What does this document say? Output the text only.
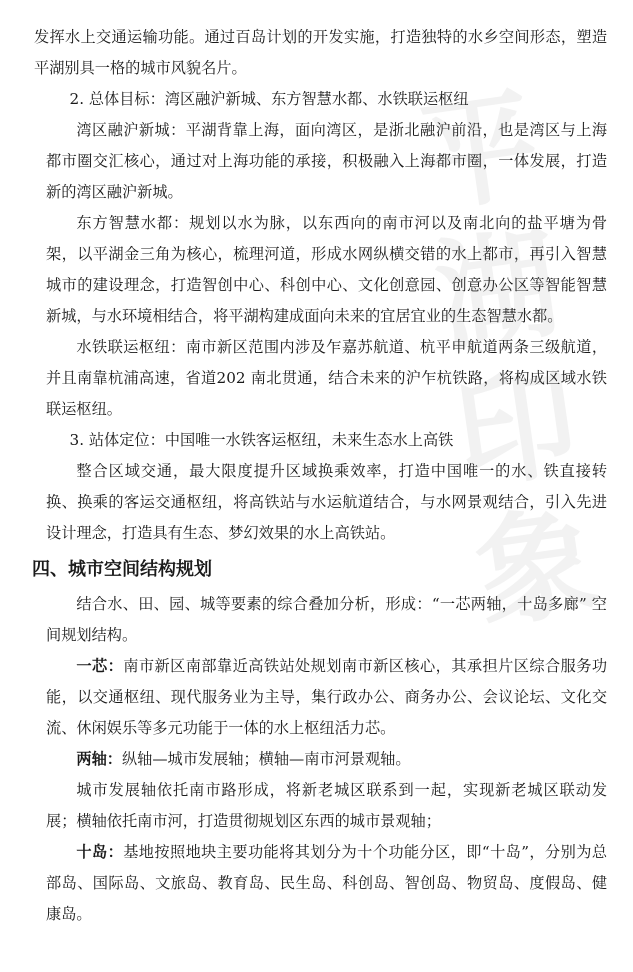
发挥水上交通运输功能。通过百岛计划的开发实施，打造独特的水乡空间形态，塑造平湖别具一格的城市风貌名片。

2. 总体目标：湾区融沪新城、东方智慧水都、水铁联运枢纽

湾区融沪新城：平湖背靠上海，面向湾区，是浙北融沪前沿，也是湾区与上海都市圈交汇核心，通过对上海功能的承接，积极融入上海都市圈，一体发展，打造新的湾区融沪新城。

东方智慧水都：规划以水为脉，以东西向的南市河以及南北向的盐平塘为骨架，以平湖金三角为核心，梳理河道，形成水网纵横交错的水上都市，再引入智慧城市的建设理念，打造智创中心、科创中心、文化创意园、创意办公区等智能智慧新城，与水环境相结合，将平湖构建成面向未来的宜居宜业的生态智慧水都。

水铁联运枢纽：南市新区范围内涉及乍嘉苏航道、杭平申航道两条三级航道，并且南靠杭浦高速，省道202 南北贯通，结合未来的沪乍杭铁路，将构成区域水铁联运枢纽。

3. 站体定位：中国唯一水铁客运枢纽，未来生态水上高铁

整合区域交通，最大限度提升区域换乘效率，打造中国唯一的水、铁直接转换、换乘的客运交通枢纽，将高铁站与水运航道结合，与水网景观结合，引入先进设计理念，打造具有生态、梦幻效果的水上高铁站。

四、城市空间结构规划

结合水、田、园、城等要素的综合叠加分析，形成：“一芯两轴，十岛多廊” 空间规划结构。

一芯：南市新区南部靠近高铁站处规划南市新区核心，其承担片区综合服务功能，以交通枢纽、现代服务业为主导，集行政办公、商务办公、会议论坛、文化交流、休闲娱乐等多元功能于一体的水上枢纽活力芯。

两轴：纵轴—城市发展轴；横轴—南市河景观轴。

城市发展轴依托南市路形成，将新老城区联系到一起，实现新老城区联动发展；横轴依托南市河，打造贯彻规划区东西的城市景观轴；

十岛：基地按照地块主要功能将其划分为十个功能分区，即“十岛”，分别为总部岛、国际岛、文旅岛、教育岛、民生岛、科创岛、智创岛、物贸岛、度假岛、健康岛。

平湖印象
